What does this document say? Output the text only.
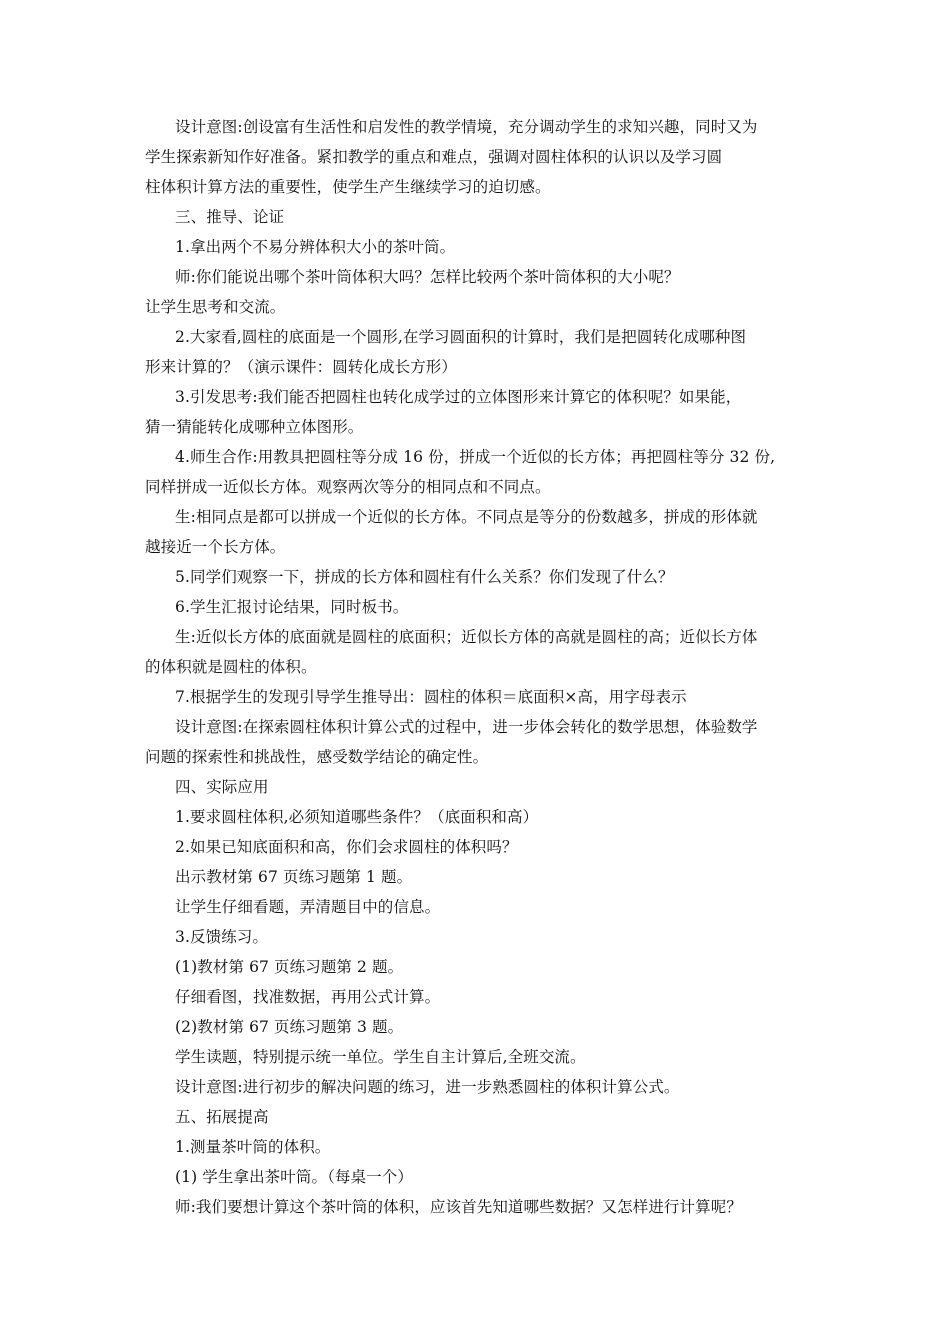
设计意图:创设富有生活性和启发性的教学情境，充分调动学生的求知兴趣，同时又为
学生探索新知作好准备。紧扣教学的重点和难点，强调对圆柱体积的认识以及学习圆
柱体积计算方法的重要性，使学生产生继续学习的迫切感。
三、推导、论证
1.拿出两个不易分辨体积大小的茶叶筒。
师:你们能说出哪个茶叶筒体积大吗？怎样比较两个茶叶筒体积的大小呢？
让学生思考和交流。
2.大家看,圆柱的底面是一个圆形,在学习圆面积的计算时，我们是把圆转化成哪种图
形来计算的？（演示课件：圆转化成长方形）
3.引发思考:我们能否把圆柱也转化成学过的立体图形来计算它的体积呢？如果能，
猜一猜能转化成哪种立体图形。
4.师生合作:用教具把圆柱等分成 16 份，拼成一个近似的长方体；再把圆柱等分 32 份,
同样拼成一近似长方体。观察两次等分的相同点和不同点。
生:相同点是都可以拼成一个近似的长方体。不同点是等分的份数越多，拼成的形体就
越接近一个长方体。
5.同学们观察一下，拼成的长方体和圆柱有什么关系？你们发现了什么？
6.学生汇报讨论结果，同时板书。
生:近似长方体的底面就是圆柱的底面积；近似长方体的高就是圆柱的高；近似长方体
的体积就是圆柱的体积。
7.根据学生的发现引导学生推导出：圆柱的体积＝底面积×高，用字母表示
设计意图:在探索圆柱体积计算公式的过程中，进一步体会转化的数学思想，体验数学
问题的探索性和挑战性，感受数学结论的确定性。
四、实际应用
1.要求圆柱体积,必须知道哪些条件？（底面积和高）
2.如果已知底面积和高，你们会求圆柱的体积吗？
出示教材第 67 页练习题第 1 题。
让学生仔细看题，弄清题目中的信息。
3.反馈练习。
(1)教材第 67 页练习题第 2 题。
仔细看图，找准数据，再用公式计算。
(2)教材第 67 页练习题第 3 题。
学生读题，特别提示统一单位。学生自主计算后,全班交流。
设计意图:进行初步的解决问题的练习，进一步熟悉圆柱的体积计算公式。
五、拓展提高
1.测量茶叶筒的体积。
(1) 学生拿出茶叶筒。（每桌一个）
师:我们要想计算这个茶叶筒的体积，应该首先知道哪些数据？又怎样进行计算呢？
